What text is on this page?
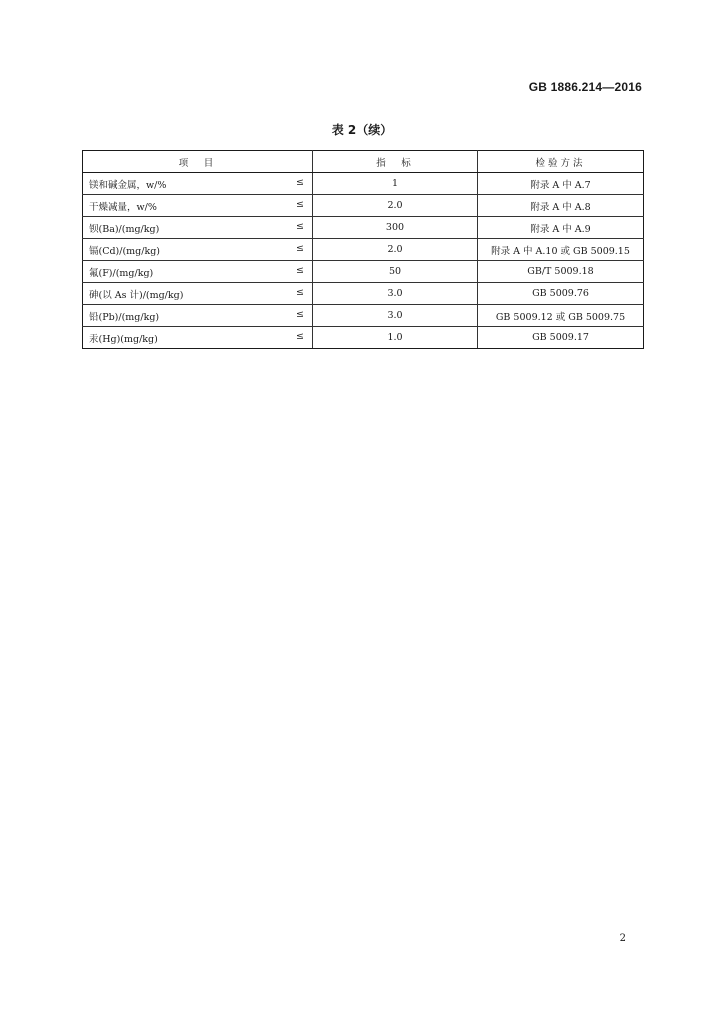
GB 1886.214—2016
表 2（续）
项　目	指　标	检验方法

镁和碱金属，w/% ≤	1	附录 A 中 A.7

干燥减量，w/% ≤	2.0	附录 A 中 A.8

钡(Ba)/(mg/kg) ≤	300	附录 A 中 A.9

镉(Cd)/(mg/kg) ≤	2.0	附录 A 中 A.10 或 GB 5009.15

氟(F)/(mg/kg) ≤	50	GB/T 5009.18

砷(以 As 计)/(mg/kg) ≤	3.0	GB 5009.76

铅(Pb)/(mg/kg) ≤	3.0	GB 5009.12 或 GB 5009.75

汞(Hg)(mg/kg) ≤	1.0	GB 5009.17
2
